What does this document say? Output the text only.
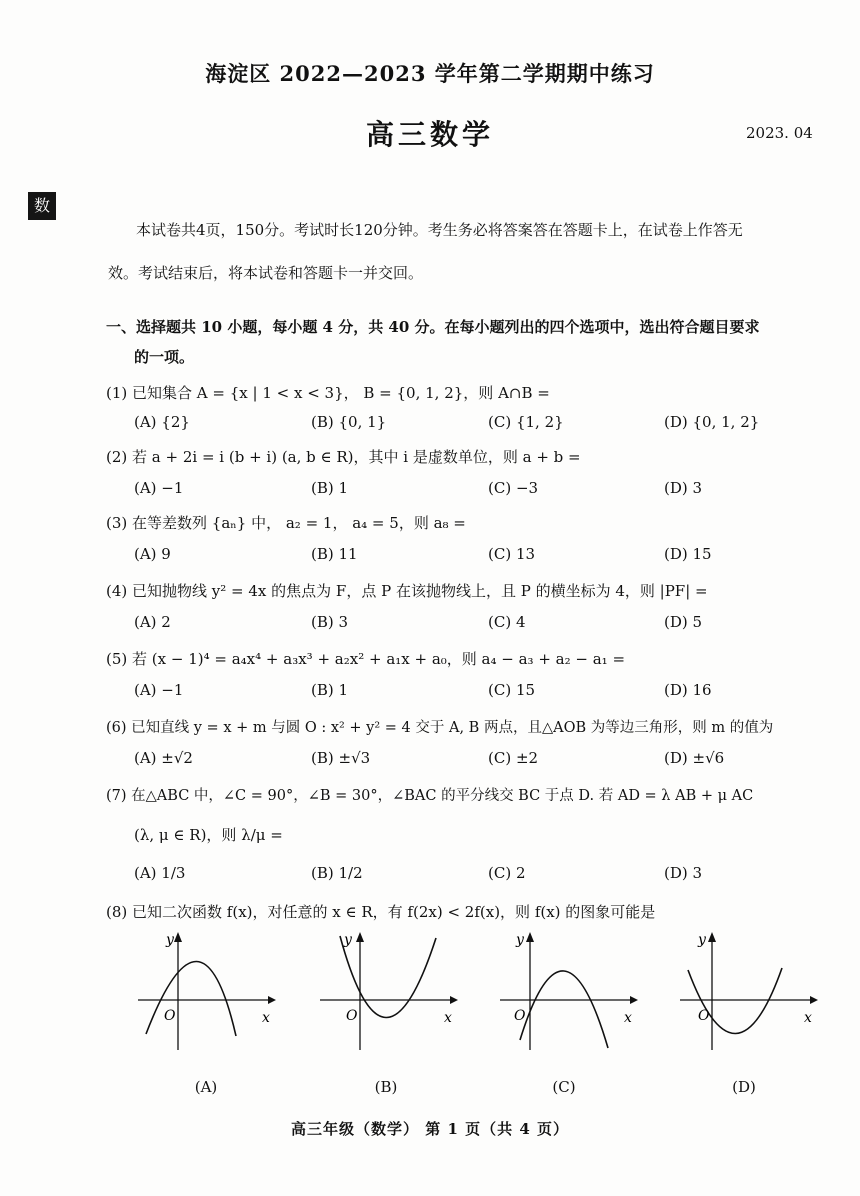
海淀区 2022—2023 学年第二学期期中练习
高三数学	2023. 04
数
本试卷共4页，150分。考试时长120分钟。考生务必将答案答在答题卡上，在试卷上作答无
效。考试结束后，将本试卷和答题卡一并交回。
一、选择题共 10 小题，每小题 4 分，共 40 分。在每小题列出的四个选项中，选出符合题目要求
的一项。
(1) 已知集合 A = {x | 1 < x < 3}， B = {0, 1, 2}，则 A∩B =
(A) {2}	(B) {0, 1}	(C) {1, 2}	(D) {0, 1, 2}
(2) 若 a + 2i = i (b + i) (a, b ∈ R)，其中 i 是虚数单位，则 a + b =
(A) −1	(B) 1	(C) −3	(D) 3
(3) 在等差数列 {aₙ} 中， a₂ = 1， a₄ = 5，则 a₈ =
(A) 9	(B) 11	(C) 13	(D) 15
(4) 已知抛物线 y² = 4x 的焦点为 F，点 P 在该抛物线上，且 P 的横坐标为 4，则 |PF| =
(A) 2	(B) 3	(C) 4	(D) 5
(5) 若 (x − 1)⁴ = a₄x⁴ + a₃x³ + a₂x² + a₁x + a₀，则 a₄ − a₃ + a₂ − a₁ =
(A) −1	(B) 1	(C) 15	(D) 16
(6) 已知直线 y = x + m 与圆 O : x² + y² = 4 交于 A, B 两点，且△AOB 为等边三角形，则 m 的值为
(A) ±√2	(B) ±√3	(C) ±2	(D) ±√6
(7) 在△ABC 中，∠C = 90°，∠B = 30°，∠BAC 的平分线交 BC 于点 D. 若 AD = λ AB + μ AC
(λ, μ ∈ R)，则 λ/μ =
(A) 1/3	(B) 1/2	(C) 2	(D) 3
(8) 已知二次函数 f(x)，对任意的 x ∈ R，有 f(2x) < 2f(x)，则 f(x) 的图象可能是
y
x
O
y
x
O
y
x
O
y
x
O
(A)	(B)	(C)	(D)
高三年级（数学） 第 1 页（共 4 页）
